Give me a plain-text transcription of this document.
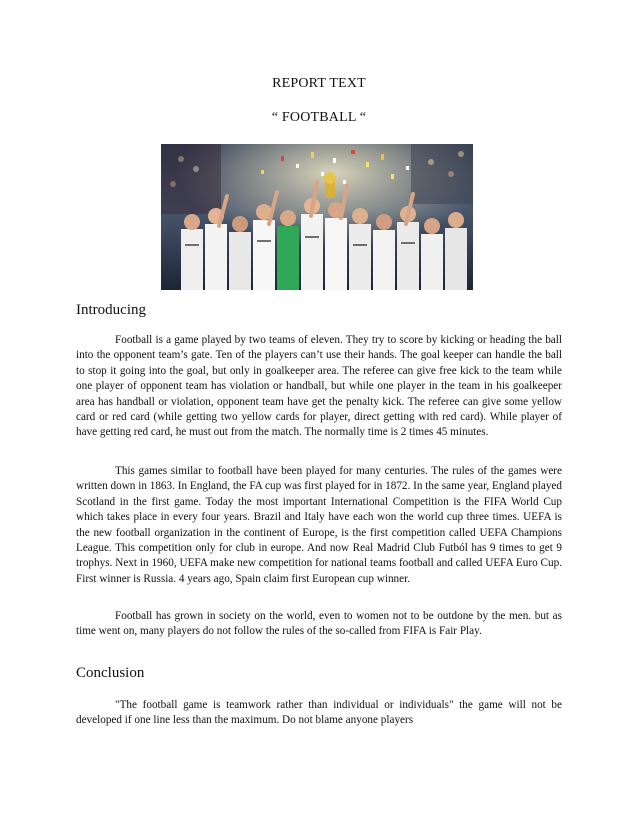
REPORT TEXT
“ FOOTBALL “
Introducing

Football is a game played by two teams of eleven. They try to score by kicking or heading the ball into the opponent team’s gate. Ten of the players can’t use their hands. The goal keeper can handle the ball to stop it going into the goal, but only in goalkeeper area. The referee can give free kick to the team while one player of opponent team has violation or handball, but while one player in the team in his goalkeeper area has handball or violation, opponent team have get the penalty kick. The referee can give some yellow card or red card (while getting two yellow cards for player, direct getting with red card). While player of have getting red card, he must out from the match. The normally time is 2 times 45 minutes.

This games similar to football have been played for many centuries. The rules of the games were written down in 1863. In England, the FA cup was first played for in 1872. In the same year, England played Scotland in the first game. Today the most important International Competition is the FIFA World Cup which takes place in every four years. Brazil and Italy have each won the world cup three times. UEFA is the new football organization in the continent of Europe, is the first competition called UEFA Champions League. This competition only for club in europe. And now Real Madrid Club Futból has 9 times to get 9 trophys. Next in 1960, UEFA make new competition for national teams football and called UEFA Euro Cup. First winner is Russia. 4 years ago, Spain claim first European cup winner.

Football has grown in society on the world, even to women not to be outdone by the men. but as time went on, many players do not follow the rules of the so-called from FIFA is Fair Play.

Conclusion

"The football game is teamwork rather than individual or individuals" the game will not be developed if one line less than the maximum. Do not blame anyone players
